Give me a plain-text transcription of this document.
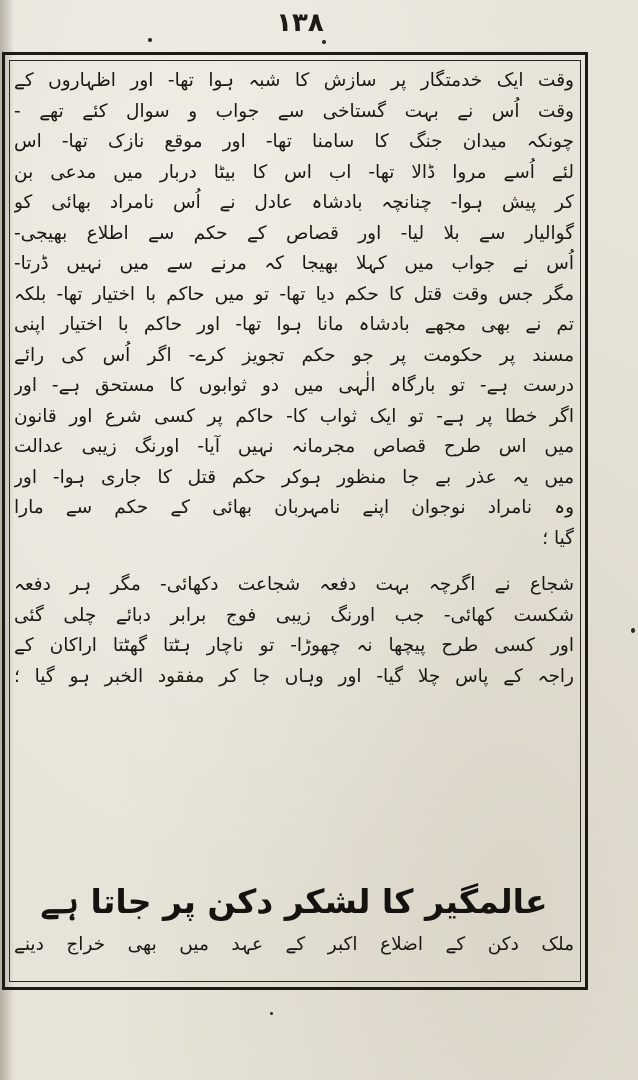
۱۳۸
وقت ایک خدمتگار پر سازش کا شبہ ہوا تھا- اور اظہاروں کے
وقت اُس نے بہت گستاخی سے جواب و سوال کئے تھے -
چونکہ میدان جنگ کا سامنا تھا- اور موقع نازک تھا- اس
لئے اُسے مروا ڈالا تھا- اب اس کا بیٹا دربار میں مدعی بن
کر پیش ہوا- چنانچہ بادشاہ عادل نے اُس نامراد بھائی کو
گوالیار سے بلا لیا- اور قصاص کے حکم سے اطلاع بھیجی-
اُس نے جواب میں کہلا بھیجا کہ مرنے سے میں نہیں ڈرتا-
مگر جس وقت قتل کا حکم دیا تھا- تو میں حاکم با اختیار تھا- بلکہ
تم نے بھی مجھے بادشاہ مانا ہوا تھا- اور حاکم با اختیار اپنی
مسند پر حکومت پر جو حکم تجویز کرے- اگر اُس کی رائے
درست ہے- تو بارگاہ الٰہی میں دو ثوابوں کا مستحق ہے- اور
اگر خطا پر ہے- تو ایک ثواب کا- حاکم پر کسی شرع اور قانون
میں اس طرح قصاص مجرمانہ نہیں آیا- اورنگ زیبی عدالت
میں یہ عذر بے جا منظور ہوکر حکم قتل کا جاری ہوا- اور
وہ نامراد نوجوان اپنے نامہربان بھائی کے حکم سے مارا
گیا ؛
شجاع نے اگرچہ بہت دفعہ شجاعت دکھائی- مگر ہر دفعہ
شکست کھائی- جب اورنگ زیبی فوج برابر دبائے چلی گئی
اور کسی طرح پیچھا نہ چھوڑا- تو ناچار ہٹتا گھٹتا اراکان کے
راجہ کے پاس چلا گیا- اور وہاں جا کر مفقود الخبر ہو گیا ؛
عالمگیر کا لشکر دکن پر جاتا ہے
ملک دکن کے اضلاع اکبر کے عہد میں بھی خراج دینے
